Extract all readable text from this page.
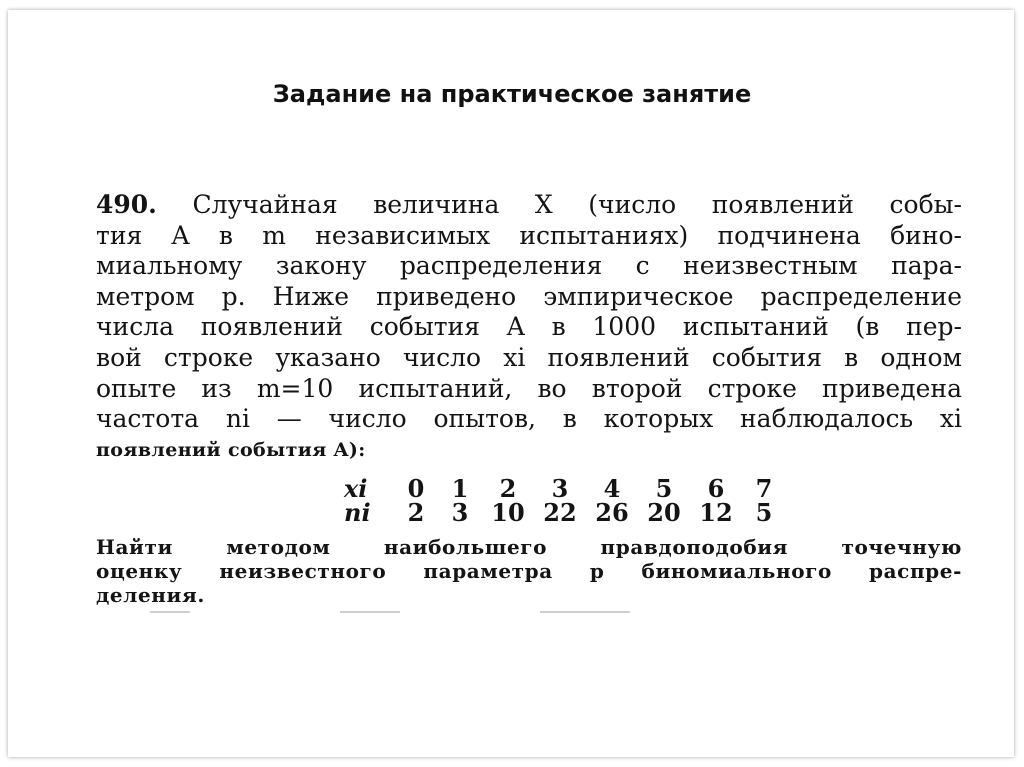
Задание на практическое занятие
490. Случайная величина X (число появлений собы-
тия A в m независимых испытаниях) подчинена бино-
миальному закону распределения с неизвестным пара-
метром p. Ниже приведено эмпирическое распределение
числа появлений события A в 1000 испытаний (в пер-
вой строке указано число xi появлений события в одном
опыте из m=10 испытаний, во второй строке приведена
частота ni — число опытов, в которых наблюдалось xi
появлений события A):
xi	0	1	2	3	4	5	6	7
ni	2	3 10 22 26 20 12 5
Найти методом наибольшего правдоподобия точечную
оценку неизвестного параметра p биномиального распре-
деления.
